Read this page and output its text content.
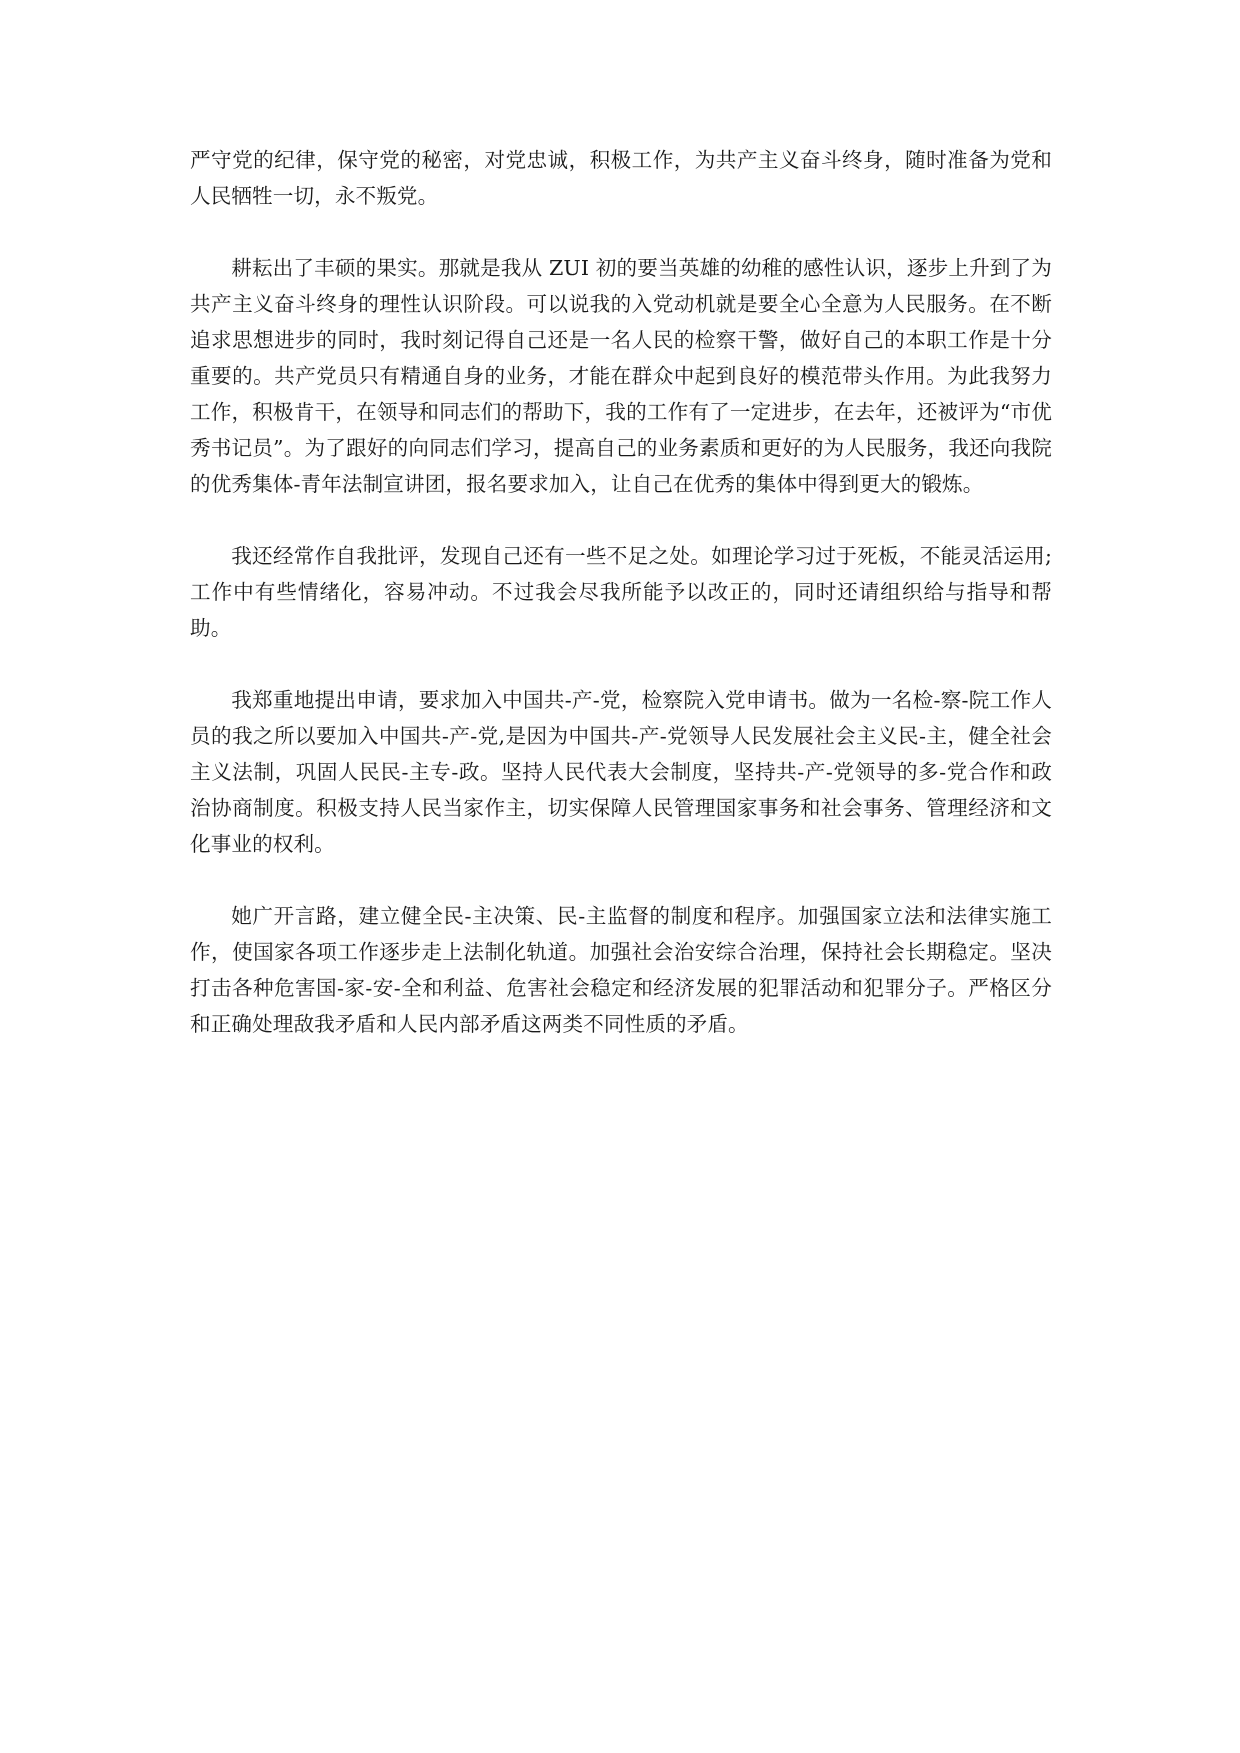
严守党的纪律，保守党的秘密，对党忠诚，积极工作，为共产主义奋斗终身，随时准备为党和人民牺牲一切，永不叛党。

耕耘出了丰硕的果实。那就是我从 ZUI 初的要当英雄的幼稚的感性认识，逐步上升到了为共产主义奋斗终身的理性认识阶段。可以说我的入党动机就是要全心全意为人民服务。在不断追求思想进步的同时，我时刻记得自己还是一名人民的检察干警，做好自己的本职工作是十分重要的。共产党员只有精通自身的业务，才能在群众中起到良好的模范带头作用。为此我努力工作，积极肯干，在领导和同志们的帮助下，我的工作有了一定进步，在去年，还被评为“市优秀书记员”。为了跟好的向同志们学习，提高自己的业务素质和更好的为人民服务，我还向我院的优秀集体-青年法制宣讲团，报名要求加入，让自己在优秀的集体中得到更大的锻炼。

我还经常作自我批评，发现自己还有一些不足之处。如理论学习过于死板，不能灵活运用;工作中有些情绪化，容易冲动。不过我会尽我所能予以改正的，同时还请组织给与指导和帮助。

我郑重地提出申请，要求加入中国共-产-党，检察院入党申请书。做为一名检-察-院工作人员的我之所以要加入中国共-产-党,是因为中国共-产-党领导人民发展社会主义民-主，健全社会主义法制，巩固人民民-主专-政。坚持人民代表大会制度，坚持共-产-党领导的多-党合作和政治协商制度。积极支持人民当家作主，切实保障人民管理国家事务和社会事务、管理经济和文化事业的权利。

她广开言路，建立健全民-主决策、民-主监督的制度和程序。加强国家立法和法律实施工作，使国家各项工作逐步走上法制化轨道。加强社会治安综合治理，保持社会长期稳定。坚决打击各种危害国-家-安-全和利益、危害社会稳定和经济发展的犯罪活动和犯罪分子。严格区分和正确处理敌我矛盾和人民内部矛盾这两类不同性质的矛盾。
